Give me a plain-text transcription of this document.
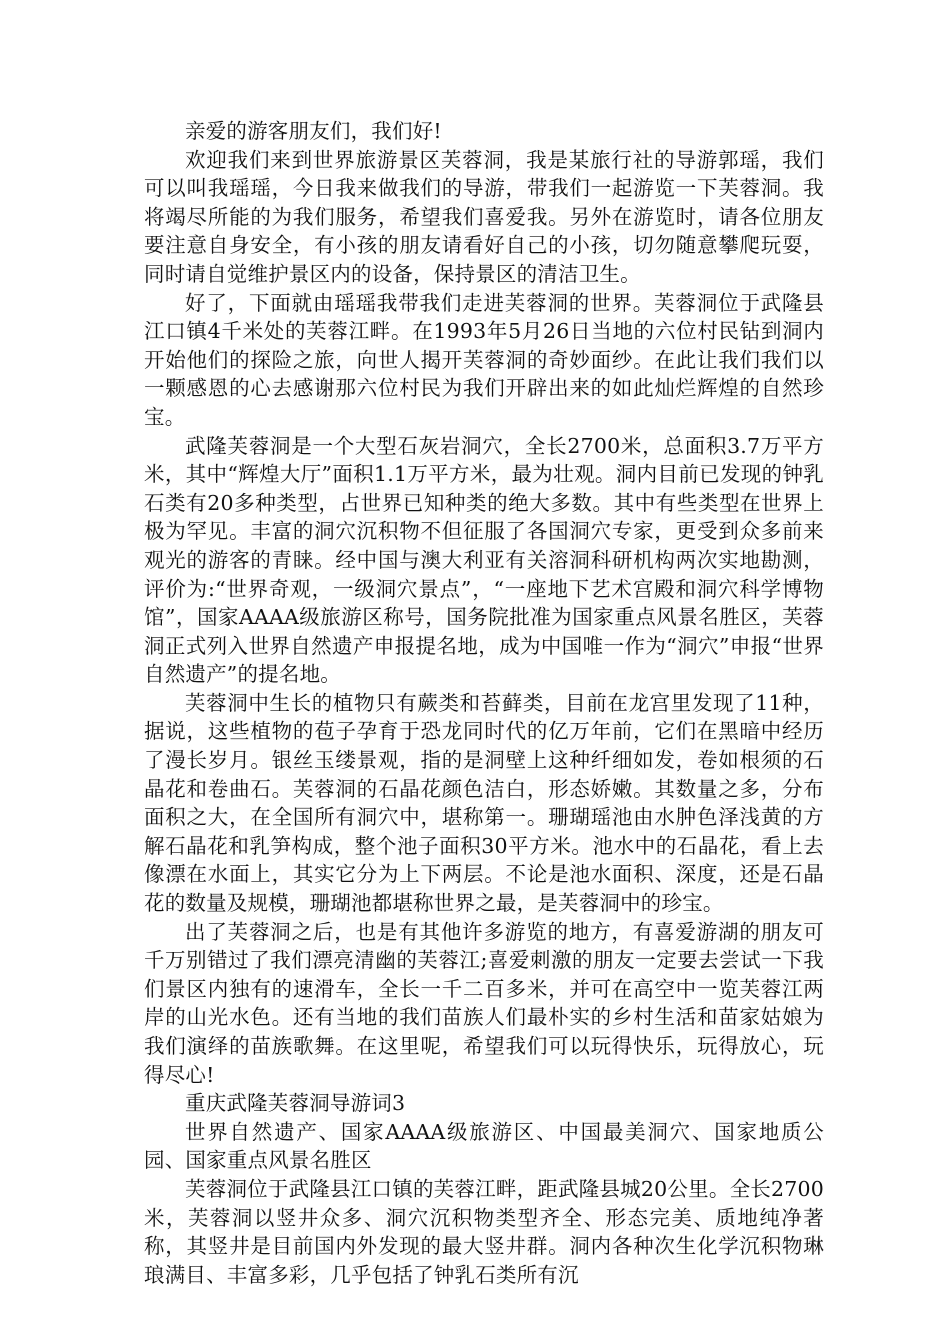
亲爱的游客朋友们，我们好!

欢迎我们来到世界旅游景区芙蓉洞，我是某旅行社的导游郭瑶，我们可以叫我瑶瑶，今日我来做我们的导游，带我们一起游览一下芙蓉洞。我将竭尽所能的为我们服务，希望我们喜爱我。另外在游览时，请各位朋友要注意自身安全，有小孩的朋友请看好自己的小孩，切勿随意攀爬玩耍，同时请自觉维护景区内的设备，保持景区的清洁卫生。

好了，下面就由瑶瑶我带我们走进芙蓉洞的世界。芙蓉洞位于武隆县江口镇4千米处的芙蓉江畔。在1993年5月26日当地的六位村民钻到洞内开始他们的探险之旅，向世人揭开芙蓉洞的奇妙面纱。在此让我们我们以一颗感恩的心去感谢那六位村民为我们开辟出来的如此灿烂辉煌的自然珍宝。

武隆芙蓉洞是一个大型石灰岩洞穴，全长2700米，总面积3.7万平方米，其中“辉煌大厅”面积1.1万平方米，最为壮观。洞内目前已发现的钟乳石类有20多种类型，占世界已知种类的绝大多数。其中有些类型在世界上极为罕见。丰富的洞穴沉积物不但征服了各国洞穴专家，更受到众多前来观光的游客的青睐。经中国与澳大利亚有关溶洞科研机构两次实地勘测，评价为:“世界奇观，一级洞穴景点”，“一座地下艺术宫殿和洞穴科学博物馆”，国家AAAA级旅游区称号，国务院批准为国家重点风景名胜区，芙蓉洞正式列入世界自然遗产申报提名地，成为中国唯一作为“洞穴”申报“世界自然遗产”的提名地。

芙蓉洞中生长的植物只有蕨类和苔藓类，目前在龙宫里发现了11种，据说，这些植物的苞子孕育于恐龙同时代的亿万年前，它们在黑暗中经历了漫长岁月。银丝玉缕景观，指的是洞壁上这种纤细如发，卷如根须的石晶花和卷曲石。芙蓉洞的石晶花颜色洁白，形态娇嫩。其数量之多，分布面积之大，在全国所有洞穴中，堪称第一。珊瑚瑶池由水肿色泽浅黄的方解石晶花和乳笋构成，整个池子面积30平方米。池水中的石晶花，看上去像漂在水面上，其实它分为上下两层。不论是池水面积、深度，还是石晶花的数量及规模，珊瑚池都堪称世界之最，是芙蓉洞中的珍宝。

出了芙蓉洞之后，也是有其他许多游览的地方，有喜爱游湖的朋友可千万别错过了我们漂亮清幽的芙蓉江;喜爱刺激的朋友一定要去尝试一下我们景区内独有的速滑车，全长一千二百多米，并可在高空中一览芙蓉江两岸的山光水色。还有当地的我们苗族人们最朴实的乡村生活和苗家姑娘为我们演绎的苗族歌舞。在这里呢，希望我们可以玩得快乐，玩得放心，玩得尽心!

重庆武隆芙蓉洞导游词3

世界自然遗产、国家AAAA级旅游区、中国最美洞穴、国家地质公园、国家重点风景名胜区

芙蓉洞位于武隆县江口镇的芙蓉江畔，距武隆县城20公里。全长2700米，芙蓉洞以竖井众多、洞穴沉积物类型齐全、形态完美、质地纯净著称，其竖井是目前国内外发现的最大竖井群。洞内各种次生化学沉积物琳琅满目、丰富多彩，几乎包括了钟乳石类所有沉
